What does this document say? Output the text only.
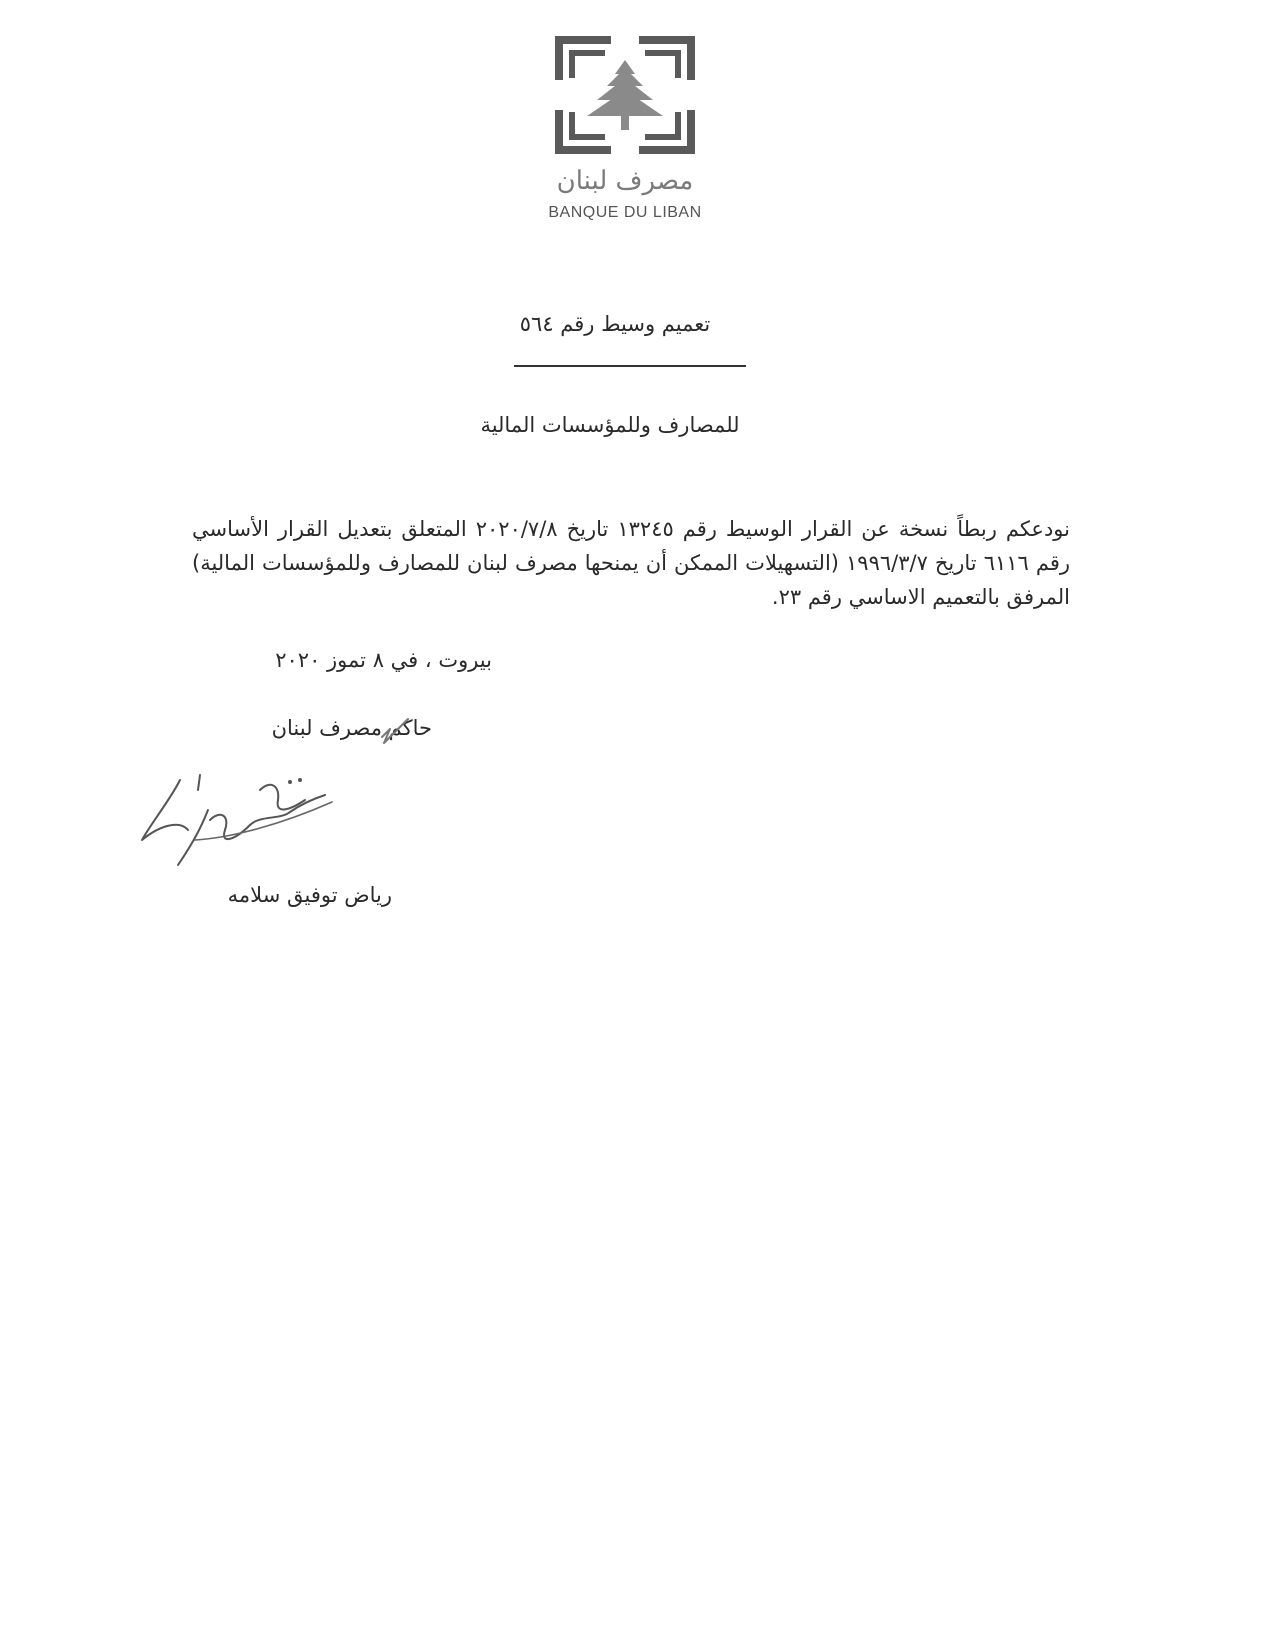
مصرف لبنان
BANQUE DU LIBAN
تعميم وسيط رقم ٥٦٤
للمصارف وللمؤسسات المالية
نودعكم ربطاً نسخة عن القرار الوسيط رقم ١٣٢٤٥ تاريخ ٢٠٢٠/٧/٨ المتعلق بتعديل القرار الأساسي رقم ٦١١٦ تاريخ ١٩٩٦/٣/٧ (التسهيلات الممكن أن يمنحها مصرف لبنان للمصارف وللمؤسسات المالية) المرفق بالتعميم الاساسي رقم ٢٣.
بيروت ، في ٨ تموز ٢٠٢٠
حاكم مصرف لبنان
رياض توفيق سلامه
